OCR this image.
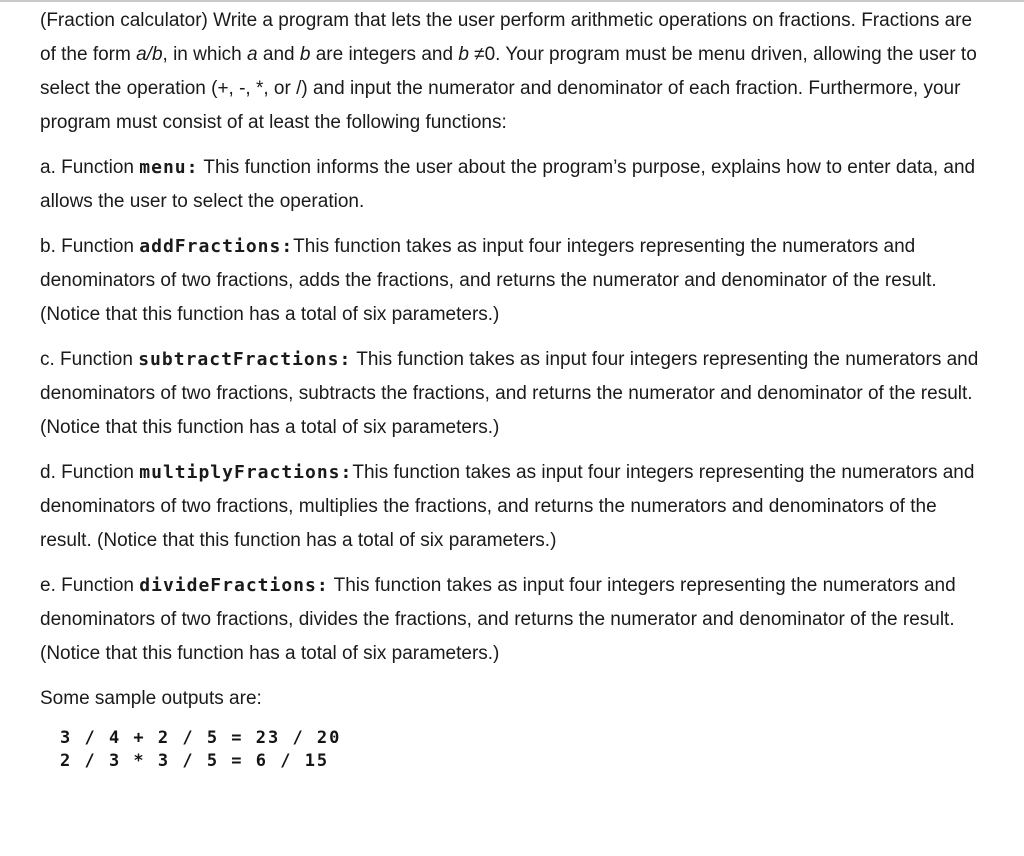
(Fraction calculator) Write a program that lets the user perform arithmetic operations on fractions. Fractions are of the form a/b, in which a and b are integers and b ≠0. Your program must be menu driven, allowing the user to select the operation (+, -, *, or /) and input the numerator and denominator of each fraction. Furthermore, your program must consist of at least the following functions:

a. Function menu: This function informs the user about the program’s purpose, explains how to enter data, and allows the user to select the operation.

b. Function addFractions:This function takes as input four integers representing the numerators and denominators of two fractions, adds the fractions, and returns the numerator and denominator of the result. (Notice that this function has a total of six parameters.)

c. Function subtractFractions: This function takes as input four integers representing the numerators and denominators of two fractions, subtracts the fractions, and returns the numerator and denominator of the result. (Notice that this function has a total of six parameters.)

d. Function multiplyFractions:This function takes as input four integers representing the numerators and denominators of two fractions, multiplies the fractions, and returns the numerators and denominators of the result. (Notice that this function has a total of six parameters.)

e. Function divideFractions: This function takes as input four integers representing the numerators and denominators of two fractions, divides the fractions, and returns the numerator and denominator of the result. (Notice that this function has a total of six parameters.)

Some sample outputs are:

3 / 4 + 2 / 5 = 23 / 20
2 / 3 * 3 / 5 = 6 / 15
